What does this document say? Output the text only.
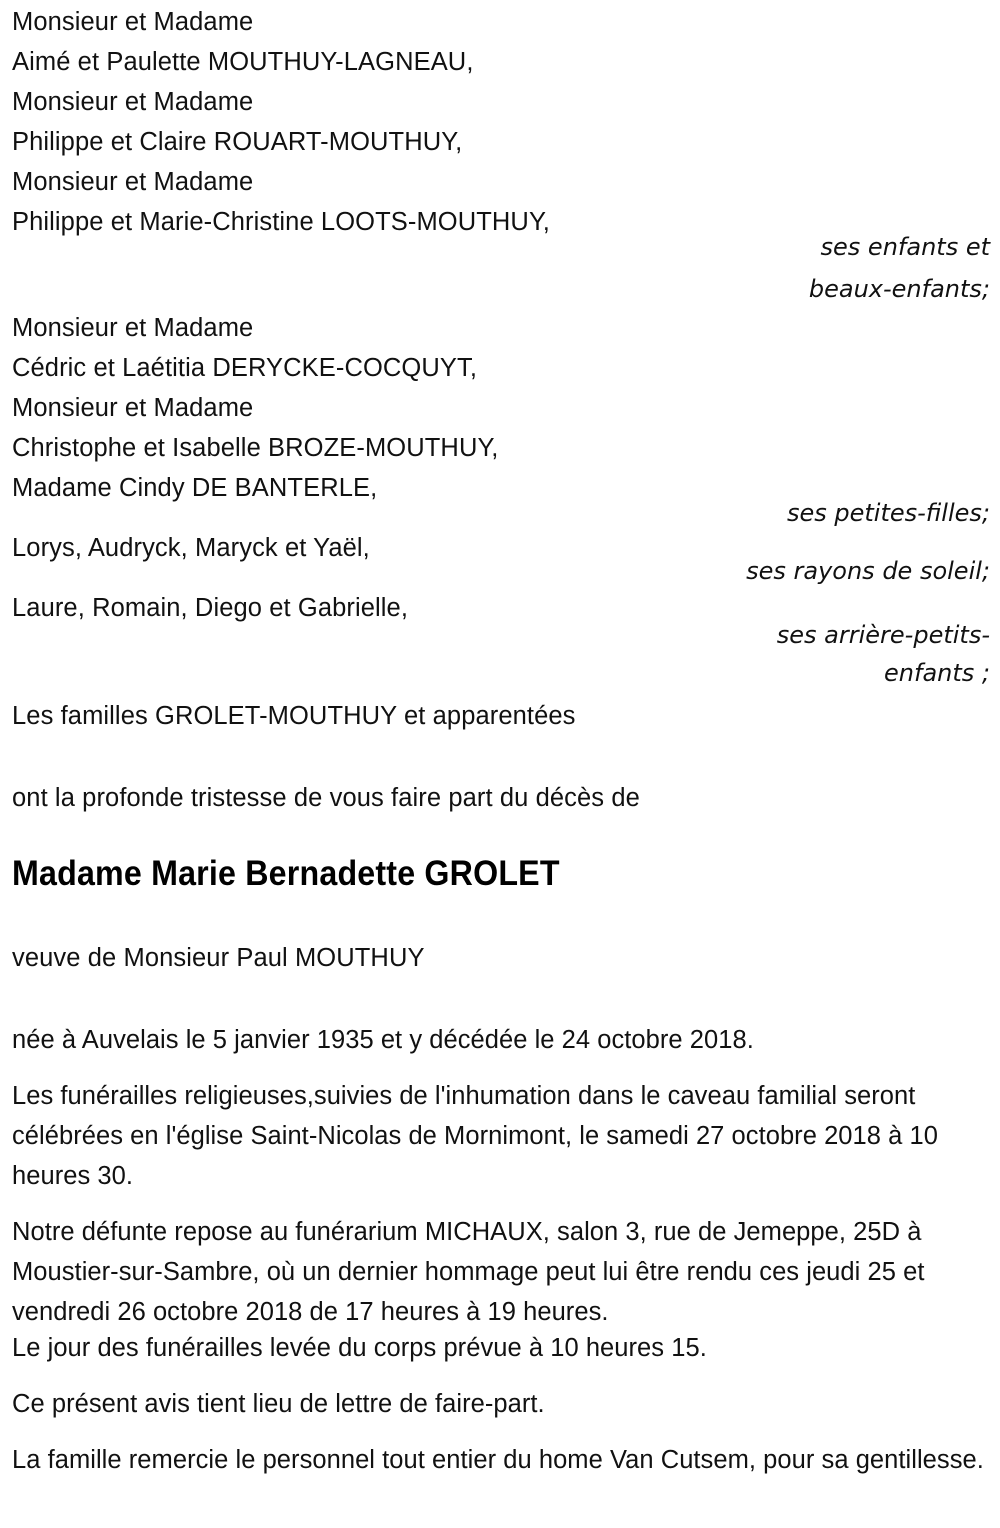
Monsieur et Madame
Aimé et Paulette MOUTHUY-LAGNEAU,
Monsieur et Madame
Philippe et Claire ROUART-MOUTHUY,
Monsieur et Madame
Philippe et Marie-Christine LOOTS-MOUTHUY,
ses enfants et
beaux-enfants;
Monsieur et Madame
Cédric et Laétitia DERYCKE-COCQUYT,
Monsieur et Madame
Christophe et Isabelle BROZE-MOUTHUY,
Madame Cindy DE BANTERLE,
ses petites-filles;
Lorys, Audryck, Maryck et Yaël,
ses rayons de soleil;
Laure, Romain, Diego et Gabrielle,
ses arrière-petits-
enfants ;
Les familles GROLET-MOUTHUY et apparentées
ont la profonde tristesse de vous faire part du décès de
Madame Marie Bernadette GROLET
veuve de Monsieur Paul MOUTHUY
née à Auvelais le 5 janvier 1935 et y décédée le 24 octobre 2018.
Les funérailles religieuses,suivies de l'inhumation dans le caveau familial seront célébrées en l'église Saint-Nicolas de Mornimont, le samedi 27 octobre 2018 à 10 heures 30.
Notre défunte repose au funérarium MICHAUX, salon 3, rue de Jemeppe, 25D à Moustier-sur-Sambre, où un dernier hommage peut lui être rendu ces jeudi 25 et vendredi 26 octobre 2018 de 17 heures à 19 heures.
Le jour des funérailles levée du corps prévue à 10 heures 15.
Ce présent avis tient lieu de lettre de faire-part.
La famille remercie le personnel tout entier du home Van Cutsem, pour sa gentillesse.
